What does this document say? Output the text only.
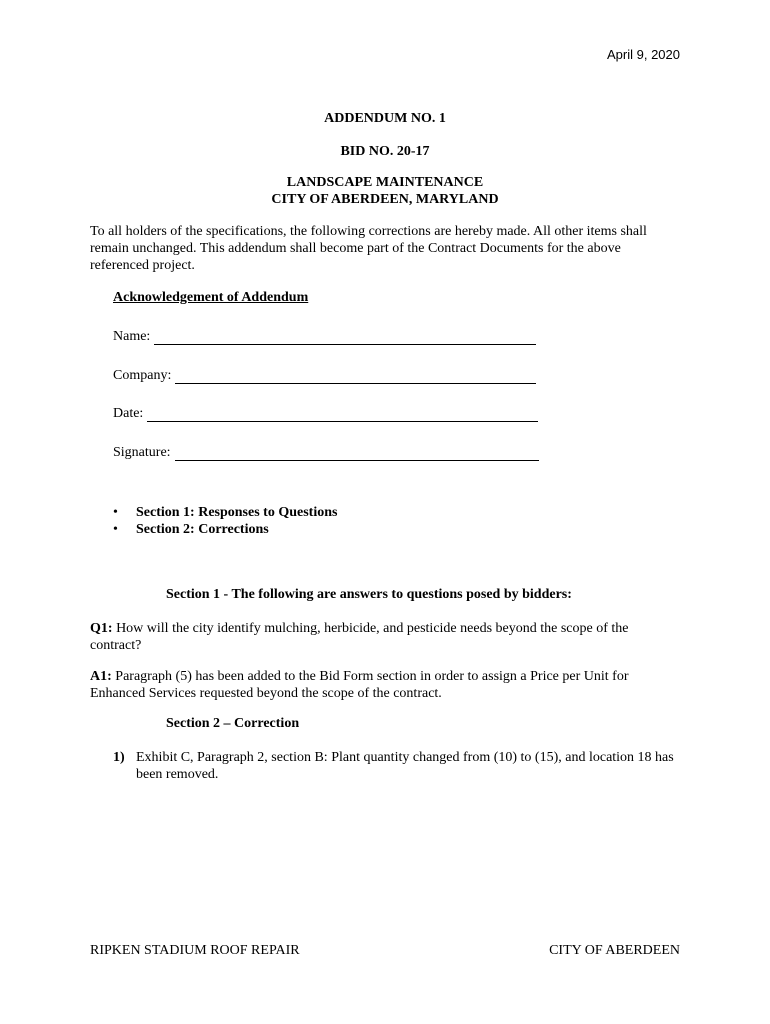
April 9, 2020
ADDENDUM NO. 1
BID NO. 20-17
LANDSCAPE MAINTENANCE
CITY OF ABERDEEN, MARYLAND
To all holders of the specifications, the following corrections are hereby made. All other items shall remain unchanged. This addendum shall become part of the Contract Documents for the above referenced project.
Acknowledgement of Addendum
Name:
Company:
Date:
Signature:
•	Section 1: Responses to Questions
•	Section 2: Corrections
Section 1 - The following are answers to questions posed by bidders:
Q1: How will the city identify mulching, herbicide, and pesticide needs beyond the scope of the contract?
A1: Paragraph (5) has been added to the Bid Form section in order to assign a Price per Unit for Enhanced Services requested beyond the scope of the contract.
Section 2 – Correction
1) Exhibit C, Paragraph 2, section B: Plant quantity changed from (10) to (15), and location 18 has been removed.
RIPKEN STADIUM ROOF REPAIR	CITY OF ABERDEEN
